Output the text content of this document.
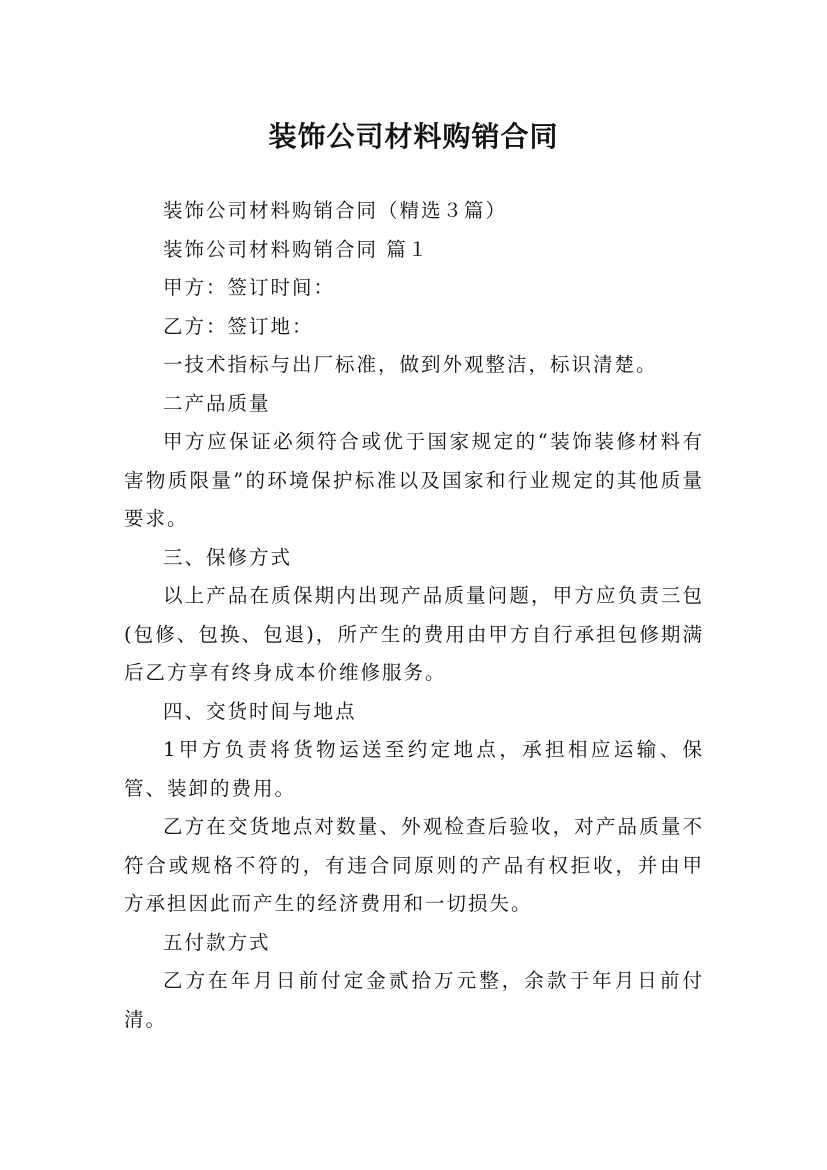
装饰公司材料购销合同

装饰公司材料购销合同（精选３篇）

装饰公司材料购销合同 篇１

甲方：签订时间：

乙方：签订地：

一技术指标与出厂标准，做到外观整洁，标识清楚。

二产品质量

甲方应保证必须符合或优于国家规定的“装饰装修材料有害物质限量”的环境保护标准以及国家和行业规定的其他质量要求。

三、保修方式

以上产品在质保期内出现产品质量问题，甲方应负责三包(包修、包换、包退)，所产生的费用由甲方自行承担包修期满后乙方享有终身成本价维修服务。

四、交货时间与地点

1甲方负责将货物运送至约定地点，承担相应运输、保管、装卸的费用。

乙方在交货地点对数量、外观检查后验收，对产品质量不符合或规格不符的，有违合同原则的产品有权拒收，并由甲方承担因此而产生的经济费用和一切损失。

五付款方式

乙方在年月日前付定金贰拾万元整，余款于年月日前付清。
